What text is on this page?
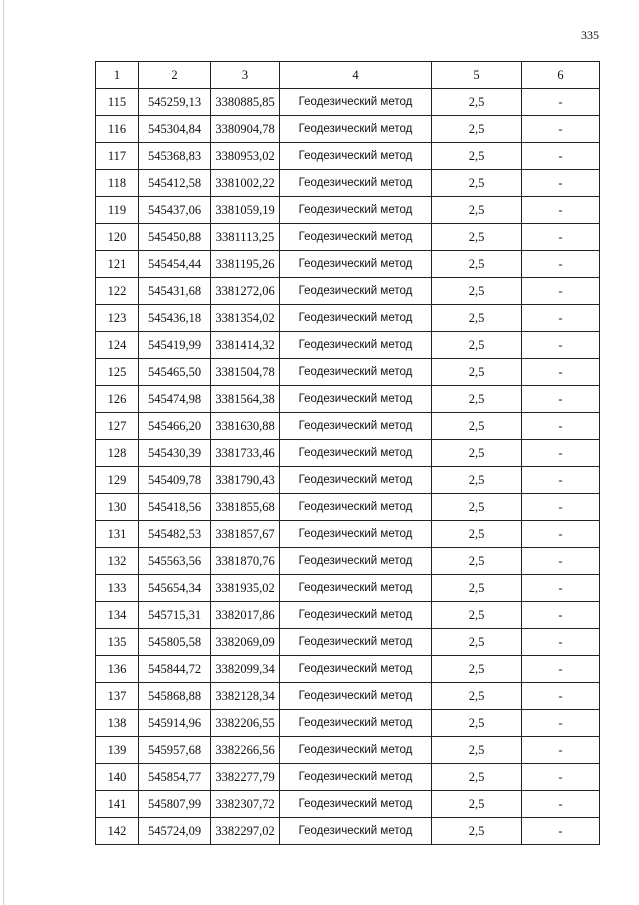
335
1	2	3	4	5	6
115	545259,13	3380885,85	Геодезический метод	2,5	-
116	545304,84	3380904,78	Геодезический метод	2,5	-
117	545368,83	3380953,02	Геодезический метод	2,5	-
118	545412,58	3381002,22	Геодезический метод	2,5	-
119	545437,06	3381059,19	Геодезический метод	2,5	-
120	545450,88	3381113,25	Геодезический метод	2,5	-
121	545454,44	3381195,26	Геодезический метод	2,5	-
122	545431,68	3381272,06	Геодезический метод	2,5	-
123	545436,18	3381354,02	Геодезический метод	2,5	-
124	545419,99	3381414,32	Геодезический метод	2,5	-
125	545465,50	3381504,78	Геодезический метод	2,5	-
126	545474,98	3381564,38	Геодезический метод	2,5	-
127	545466,20	3381630,88	Геодезический метод	2,5	-
128	545430,39	3381733,46	Геодезический метод	2,5	-
129	545409,78	3381790,43	Геодезический метод	2,5	-
130	545418,56	3381855,68	Геодезический метод	2,5	-
131	545482,53	3381857,67	Геодезический метод	2,5	-
132	545563,56	3381870,76	Геодезический метод	2,5	-
133	545654,34	3381935,02	Геодезический метод	2,5	-
134	545715,31	3382017,86	Геодезический метод	2,5	-
135	545805,58	3382069,09	Геодезический метод	2,5	-
136	545844,72	3382099,34	Геодезический метод	2,5	-
137	545868,88	3382128,34	Геодезический метод	2,5	-
138	545914,96	3382206,55	Геодезический метод	2,5	-
139	545957,68	3382266,56	Геодезический метод	2,5	-
140	545854,77	3382277,79	Геодезический метод	2,5	-
141	545807,99	3382307,72	Геодезический метод	2,5	-
142	545724,09	3382297,02	Геодезический метод	2,5	-
